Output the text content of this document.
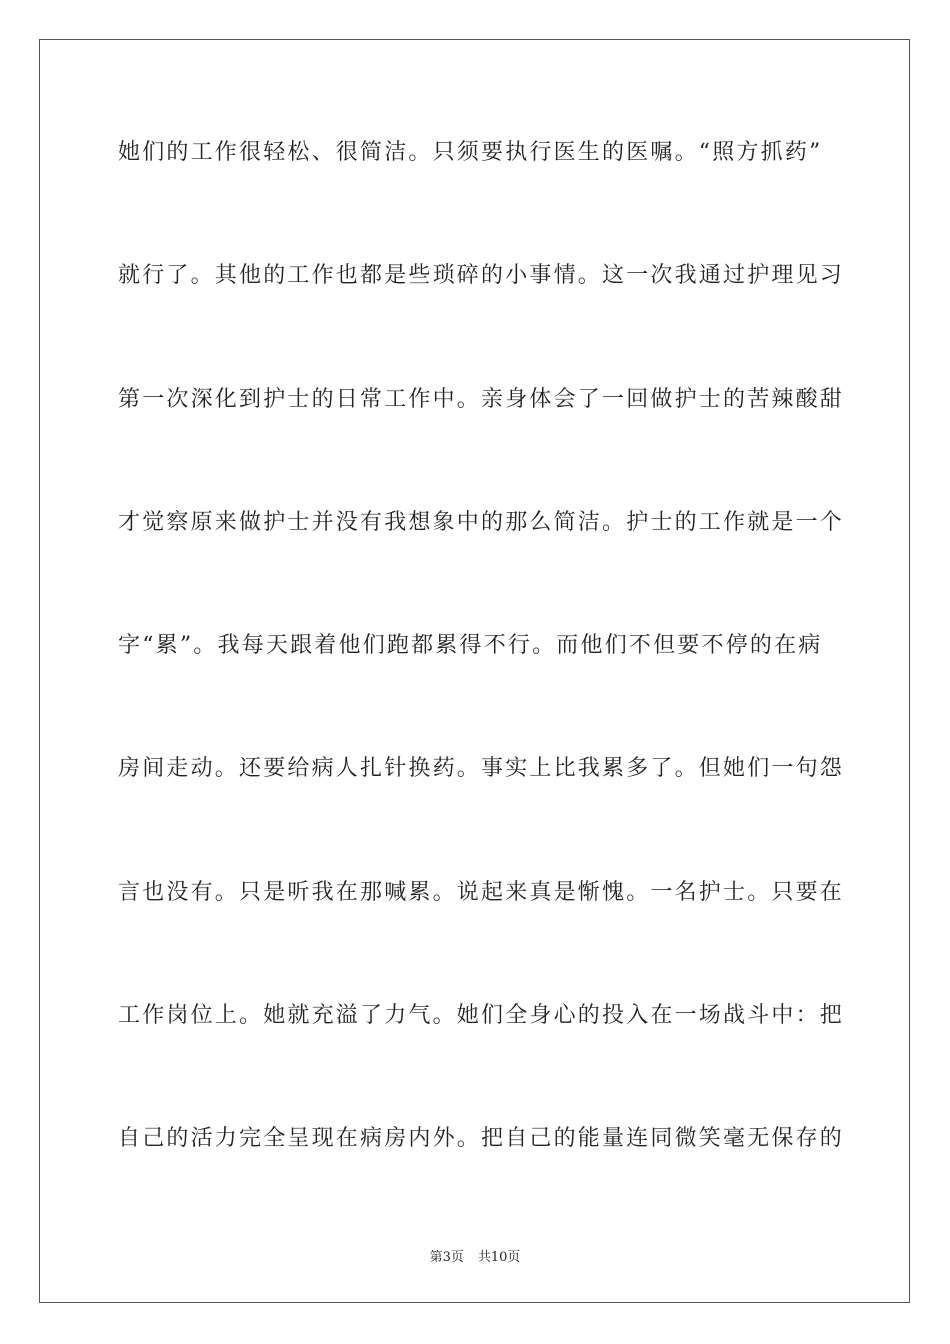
她们的工作很轻松、很简洁。只须要执行医生的医嘱。“照方抓药”
就行了。其他的工作也都是些琐碎的小事情。这一次我通过护理见习
第一次深化到护士的日常工作中。亲身体会了一回做护士的苦辣酸甜
才觉察原来做护士并没有我想象中的那么简洁。护士的工作就是一个
字“累”。我每天跟着他们跑都累得不行。而他们不但要不停的在病
房间走动。还要给病人扎针换药。事实上比我累多了。但她们一句怨
言也没有。只是听我在那喊累。说起来真是惭愧。一名护士。只要在
工作岗位上。她就充溢了力气。她们全身心的投入在一场战斗中：把
自己的活力完全呈现在病房内外。把自己的能量连同微笑毫无保存的
第3页 共10页
